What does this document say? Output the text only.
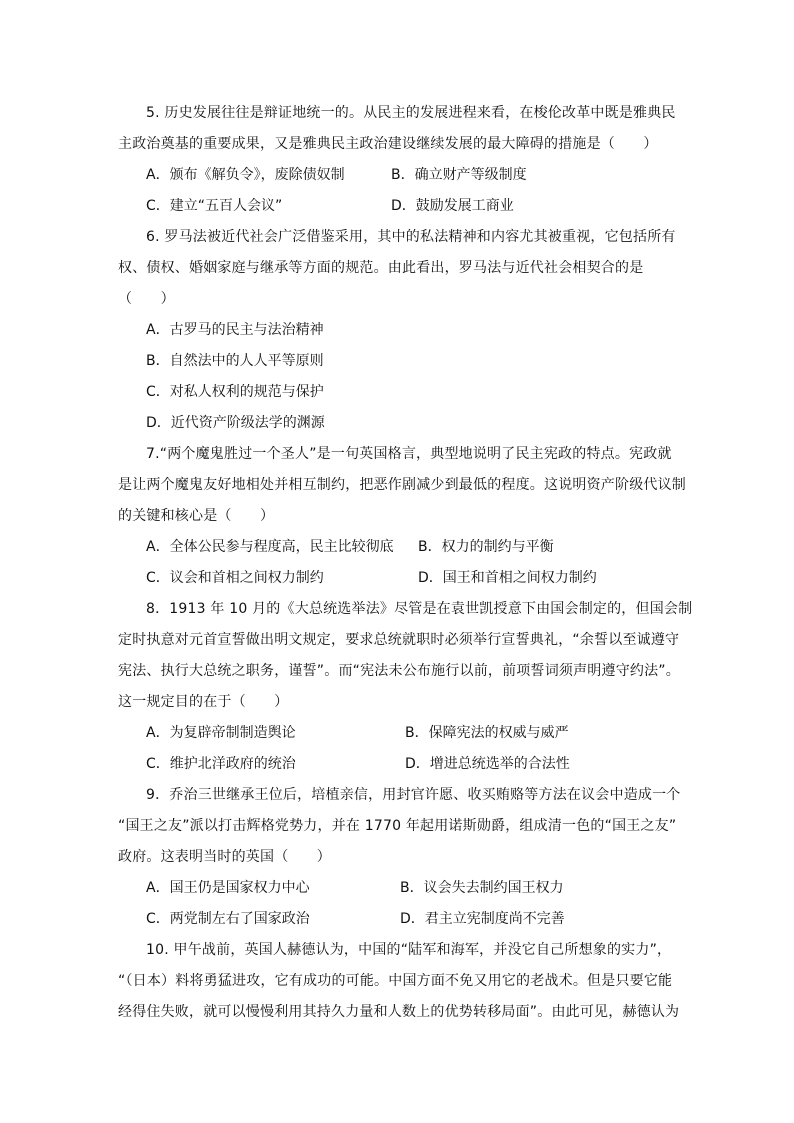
5. 历史发展往往是辩证地统一的。从民主的发展进程来看，在梭伦改革中既是雅典民
主政治奠基的重要成果，又是雅典民主政治建设继续发展的最大障碍的措施是（　　）
A．颁布《解负令》，废除债奴制	B．确立财产等级制度
C．建立“五百人会议”	D．鼓励发展工商业
6. 罗马法被近代社会广泛借鉴采用，其中的私法精神和内容尤其被重视，它包括所有
权、债权、婚姻家庭与继承等方面的规范。由此看出，罗马法与近代社会相契合的是
（　　）
A．古罗马的民主与法治精神
B．自然法中的人人平等原则
C．对私人权利的规范与保护
D．近代资产阶级法学的渊源
7.“两个魔鬼胜过一个圣人”是一句英国格言，典型地说明了民主宪政的特点。宪政就
是让两个魔鬼友好地相处并相互制约，把恶作剧减少到最低的程度。这说明资产阶级代议制
的关键和核心是（　　）
A．全体公民参与程度高，民主比较彻底 B．权力的制约与平衡
C．议会和首相之间权力制约	D．国王和首相之间权力制约
8．1913 年 10 月的《大总统选举法》尽管是在袁世凯授意下由国会制定的，但国会制
定时执意对元首宣誓做出明文规定，要求总统就职时必须举行宣誓典礼，“余誓以至诚遵守
宪法、执行大总统之职务，谨誓”。而“宪法未公布施行以前，前项誓词须声明遵守约法”。
这一规定目的在于（　　）
A．为复辟帝制制造舆论	B．保障宪法的权威与威严
C．维护北洋政府的统治	D．增进总统选举的合法性
9．乔治三世继承王位后，培植亲信，用封官许愿、收买贿赂等方法在议会中造成一个
“国王之友”派以打击辉格党势力，并在 1770 年起用诺斯勋爵，组成清一色的“国王之友”
政府。这表明当时的英国（　　）
A．国王仍是国家权力中心	B．议会失去制约国王权力
C．两党制左右了国家政治	D．君主立宪制度尚不完善
10. 甲午战前，英国人赫德认为，中国的“陆军和海军，并没它自己所想象的实力”，
“（日本）料将勇猛进攻，它有成功的可能。中国方面不免又用它的老战术。但是只要它能
经得住失败，就可以慢慢利用其持久力量和人数上的优势转移局面”。由此可见，赫德认为
